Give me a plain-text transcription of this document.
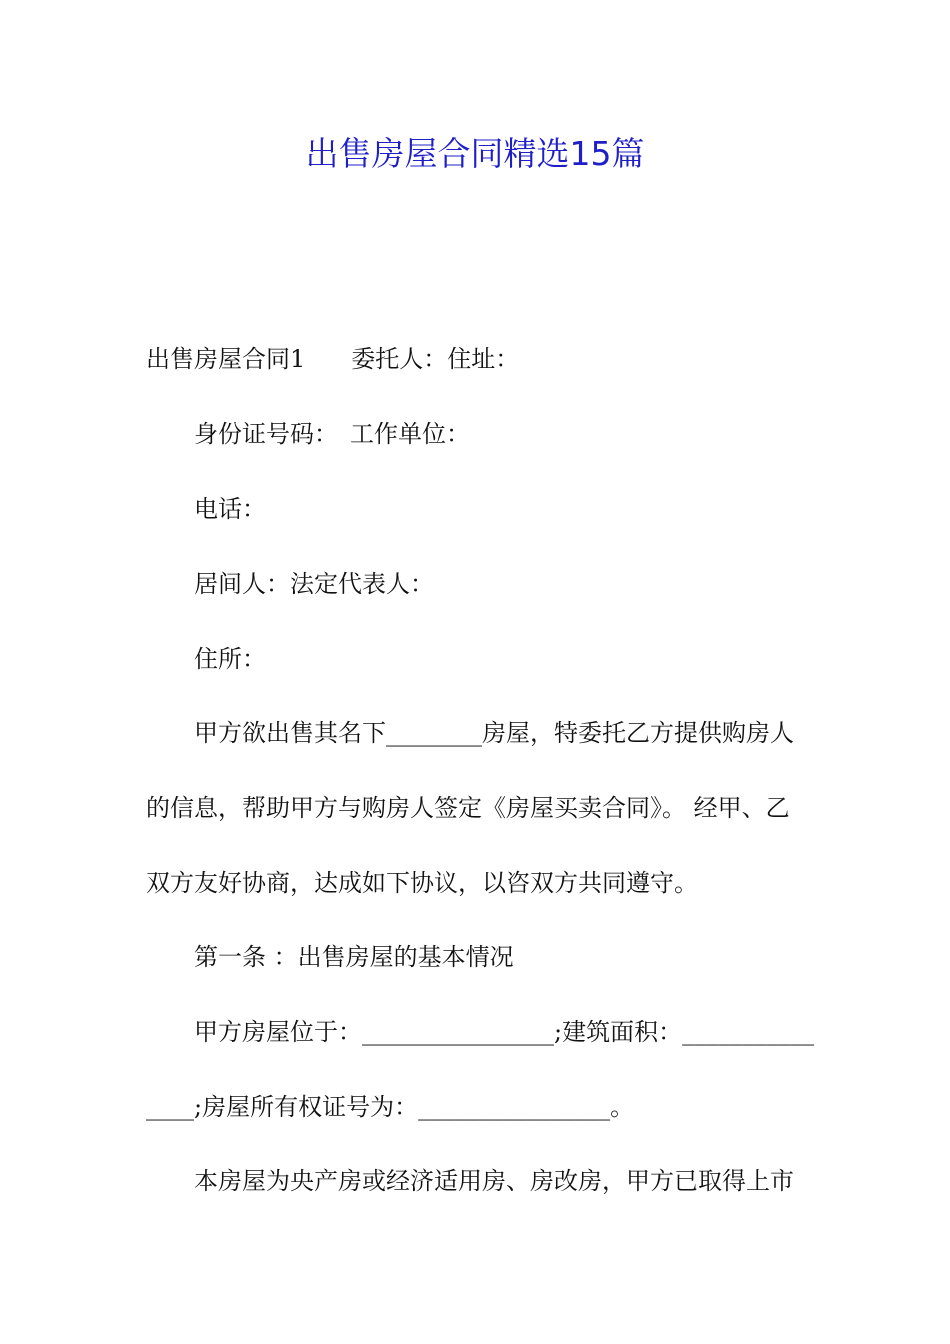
出售房屋合同精选15篇
出售房屋合同1 委托人：住址：
身份证号码： 工作单位：
电话：
居间人：法定代表人：
住所：
甲方欲出售其名下________房屋，特委托乙方提供购房人
的信息，帮助甲方与购房人签定《房屋买卖合同》。 经甲、乙
双方友好协商，达成如下协议，以咨双方共同遵守。
第一条 ：出售房屋的基本情况
甲方房屋位于：________________;建筑面积：___________
____;房屋所有权证号为：________________。
本房屋为央产房或经济适用房、房改房，甲方已取得上市
